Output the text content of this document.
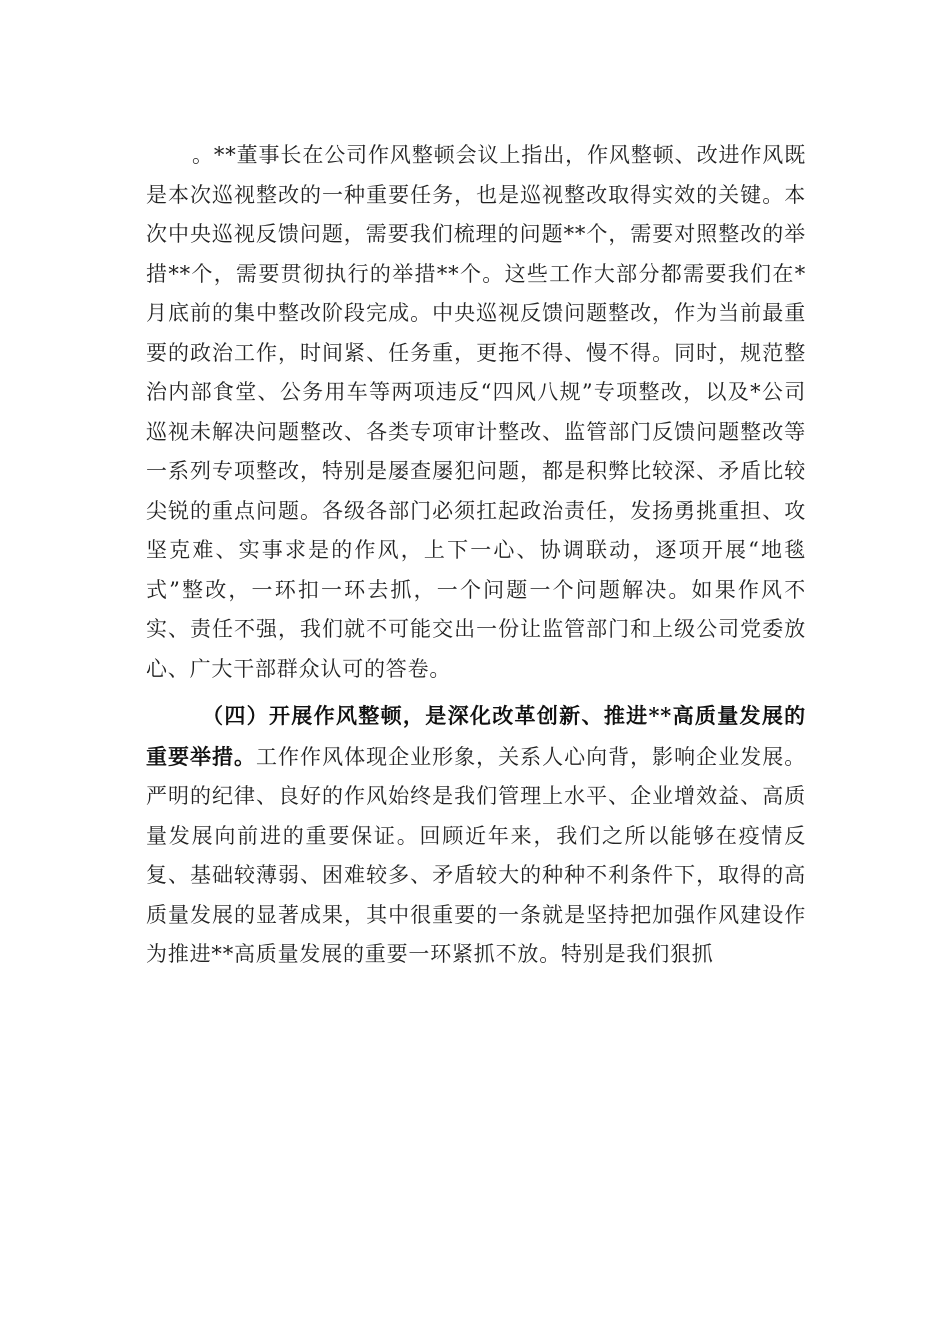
。**董事长在公司作风整顿会议上指出，作风整顿、改进作风既是本次巡视整改的一种重要任务，也是巡视整改取得实效的关键。本次中央巡视反馈问题，需要我们梳理的问题**个，需要对照整改的举措**个，需要贯彻执行的举措**个。这些工作大部分都需要我们在*月底前的集中整改阶段完成。中央巡视反馈问题整改，作为当前最重要的政治工作，时间紧、任务重，更拖不得、慢不得。同时，规范整治内部食堂、公务用车等两项违反“四风八规”专项整改，以及*公司巡视未解决问题整改、各类专项审计整改、监管部门反馈问题整改等一系列专项整改，特别是屡查屡犯问题，都是积弊比较深、矛盾比较尖锐的重点问题。各级各部门必须扛起政治责任，发扬勇挑重担、攻坚克难、实事求是的作风，上下一心、协调联动，逐项开展“地毯式”整改，一环扣一环去抓，一个问题一个问题解决。如果作风不实、责任不强，我们就不可能交出一份让监管部门和上级公司党委放心、广大干部群众认可的答卷。

（四）开展作风整顿，是深化改革创新、推进**高质量发展的重要举措。工作作风体现企业形象，关系人心向背，影响企业发展。严明的纪律、良好的作风始终是我们管理上水平、企业增效益、高质量发展向前进的重要保证。回顾近年来，我们之所以能够在疫情反复、基础较薄弱、困难较多、矛盾较大的种种不利条件下，取得的高质量发展的显著成果，其中很重要的一条就是坚持把加强作风建设作为推进**高质量发展的重要一环紧抓不放。特别是我们狠抓
